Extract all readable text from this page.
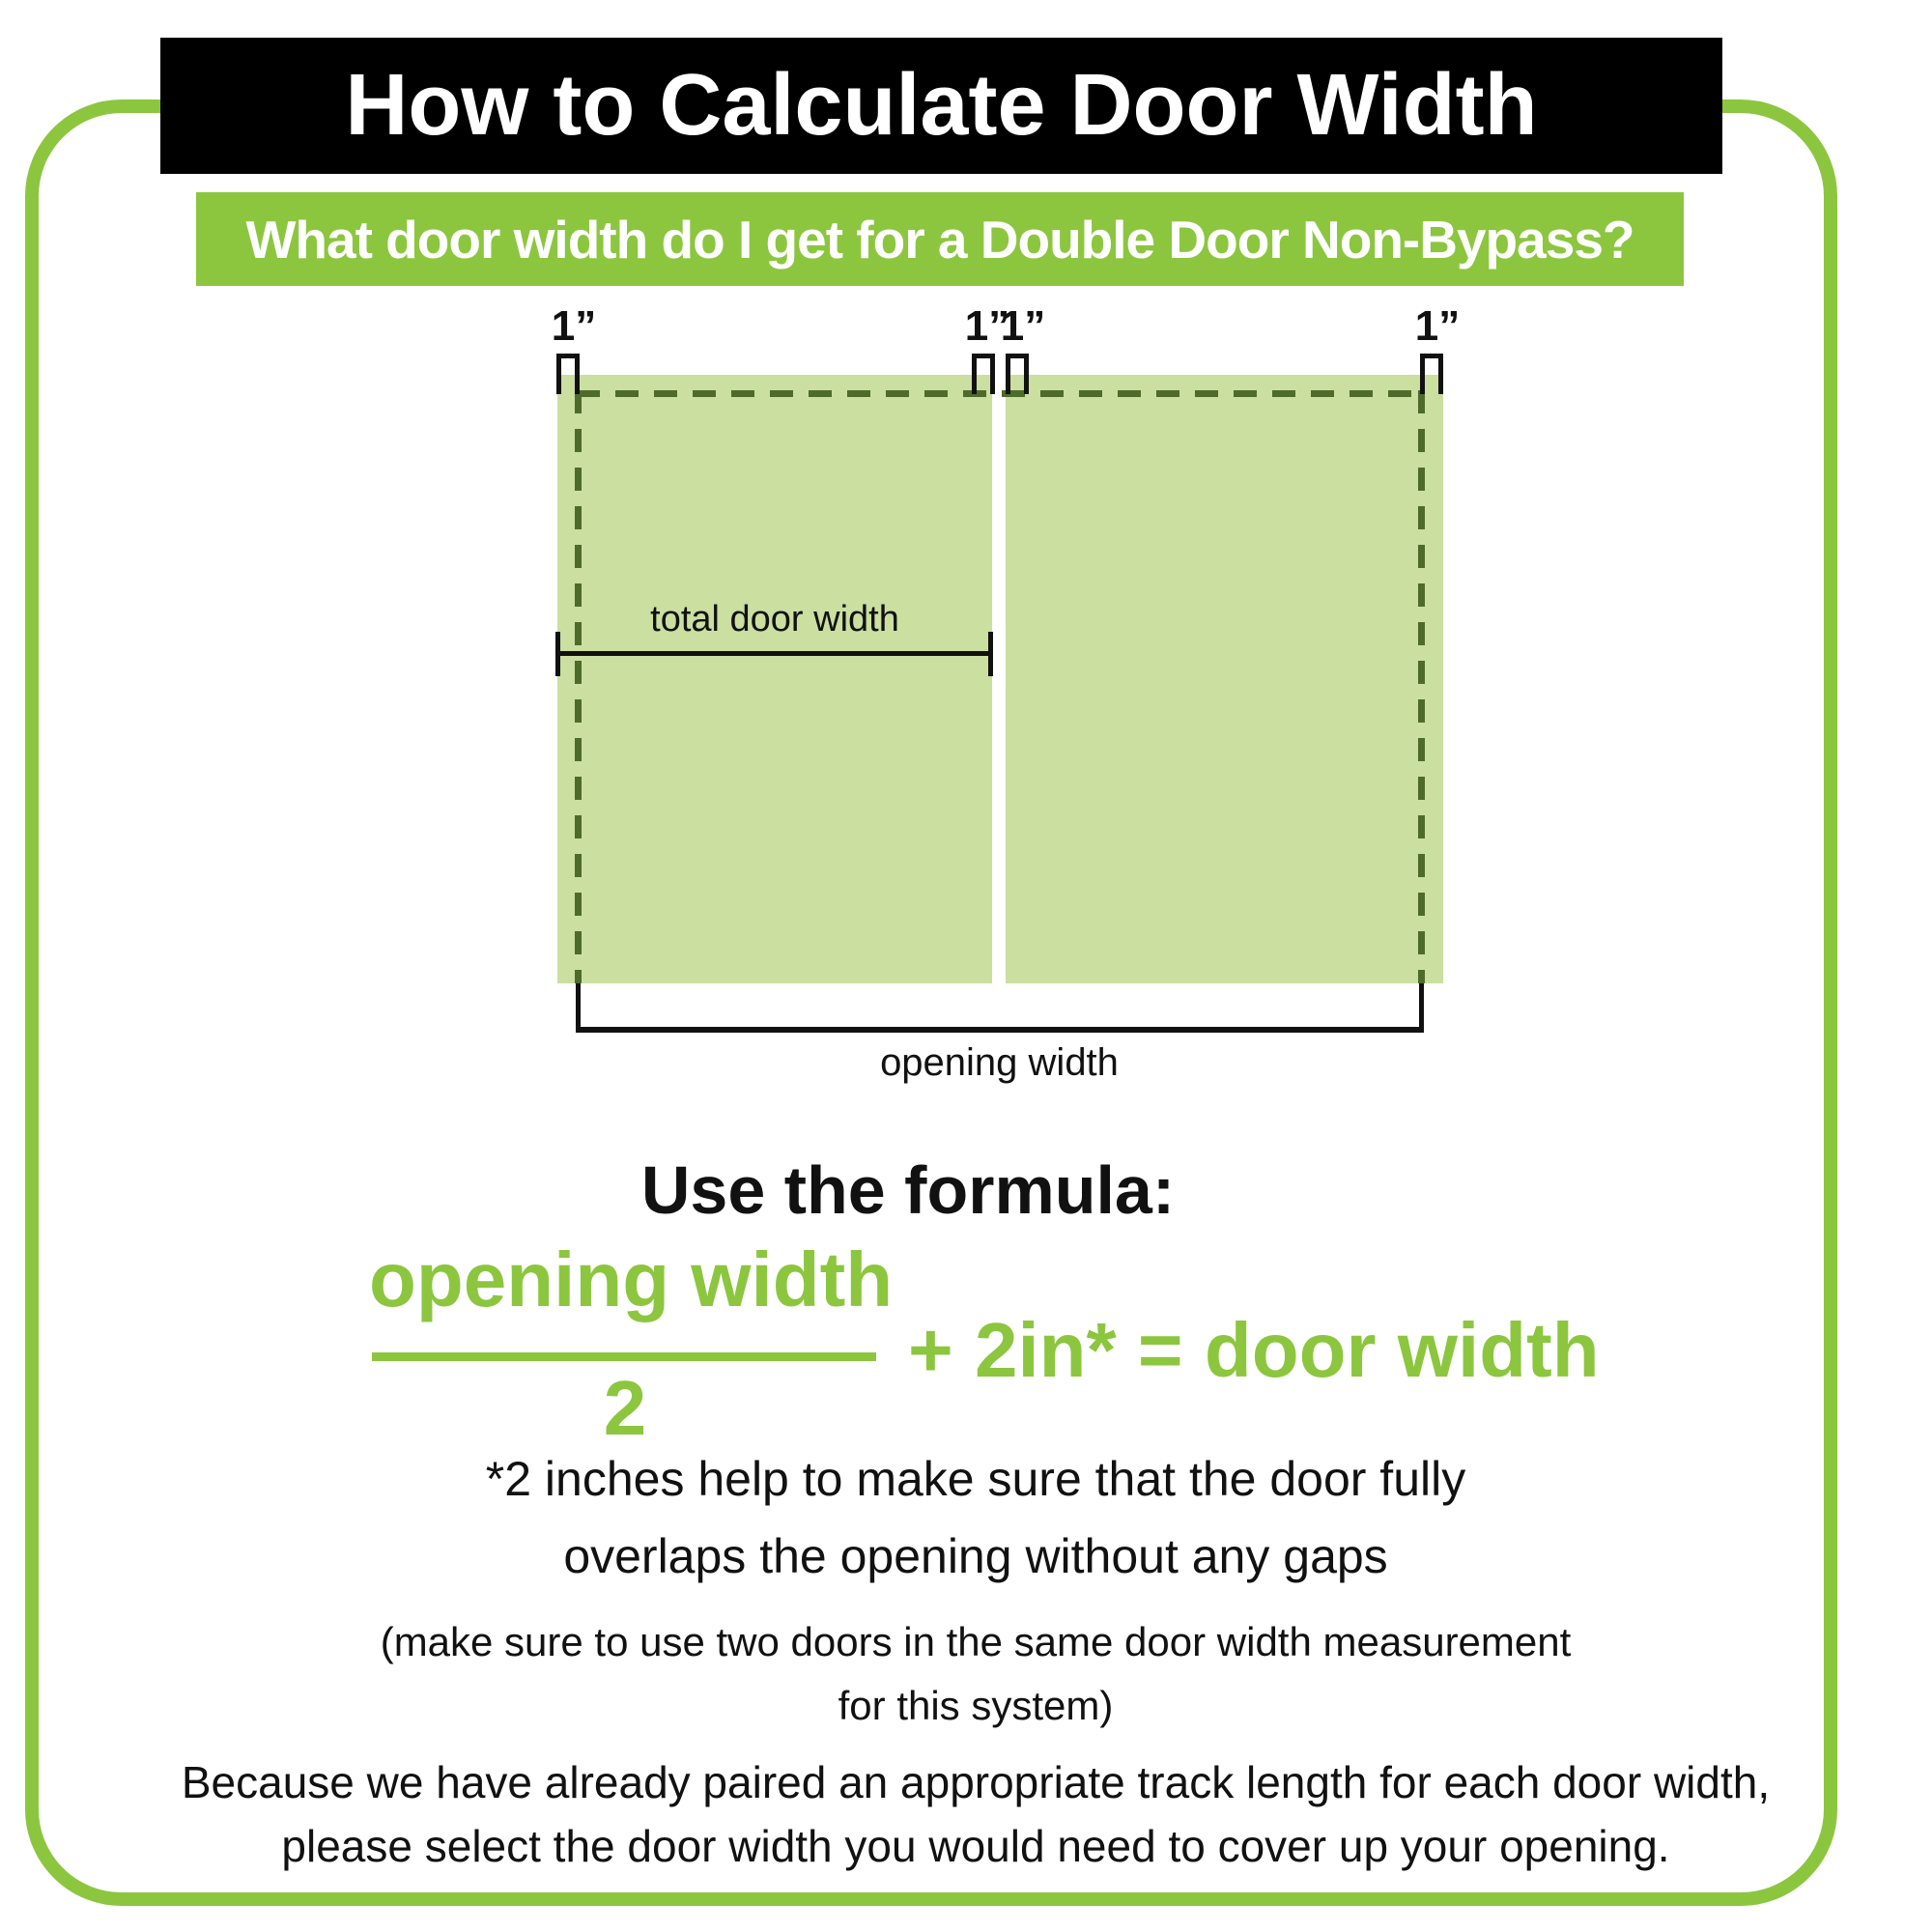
How to Calculate Door Width
What door width do I get for a Double Door Non-Bypass?
1”	1”
1”	1”
total door width
opening width
Use the formula:
opening width
2
+ 2in* = door width
*2 inches help to make sure that the door fully
overlaps the opening without any gaps
(make sure to use two doors in the same door width measurement
for this system)
Because we have already paired an appropriate track length for each door width,
please select the door width you would need to cover up your opening.
